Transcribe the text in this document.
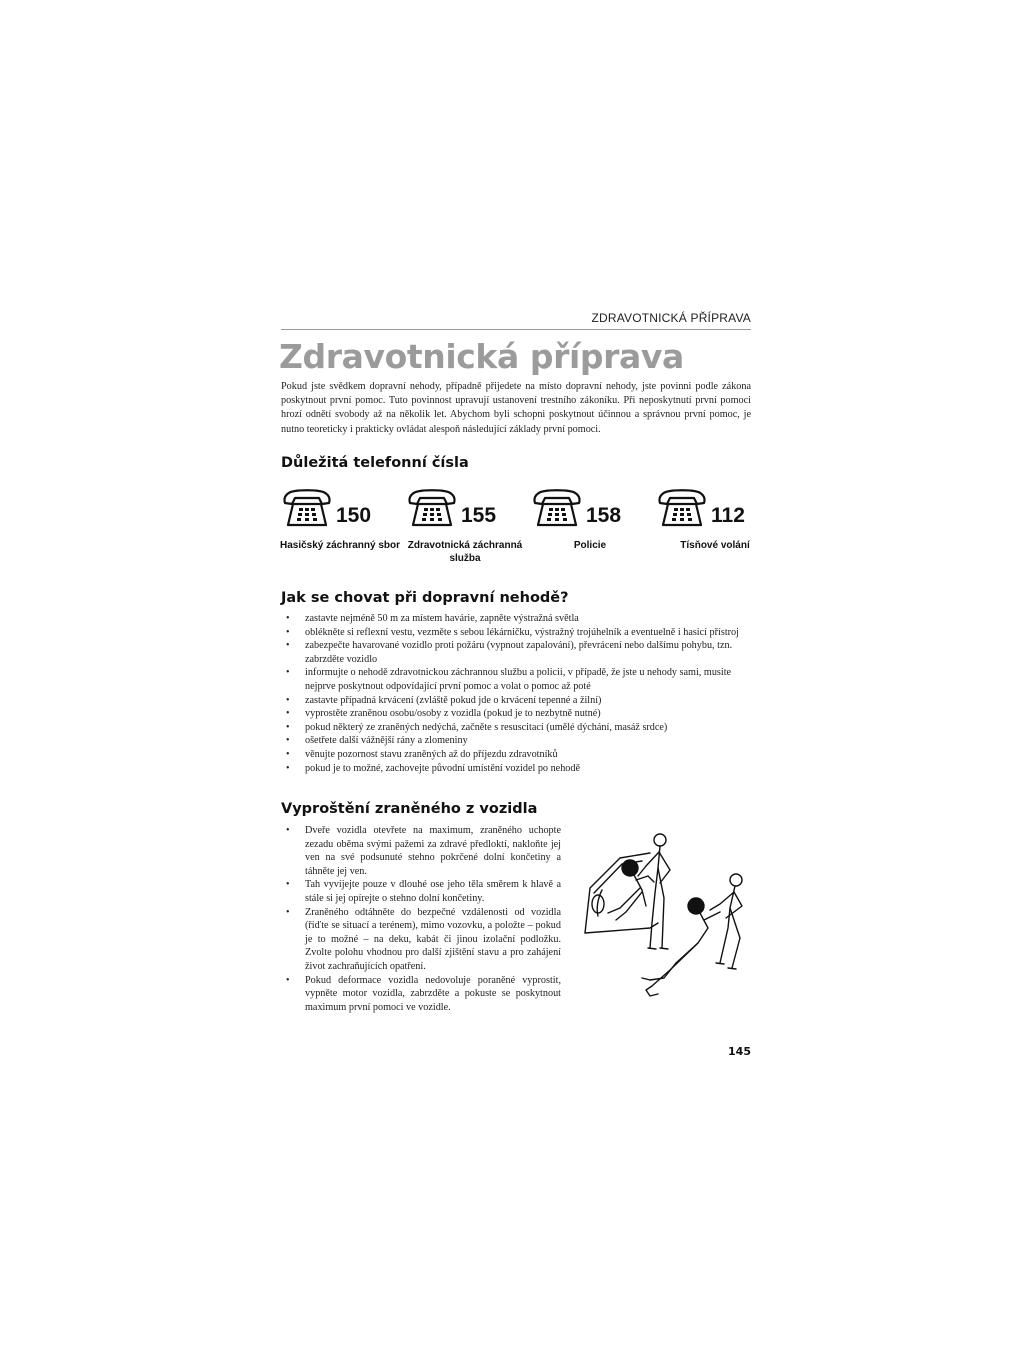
ZDRAVOTNICKÁ PŘÍPRAVA
Zdravotnická příprava

Pokud jste svědkem dopravní nehody, případně přijedete na místo dopravní nehody, jste povinni podle zákona poskytnout první pomoc. Tuto povinnost upravují ustanovení trestního zákoníku. Při neposkytnutí první pomoci hrozí odnětí svobody až na několik let. Abychom byli schopni poskytnout účinnou a správnou první pomoc, je nutno teoreticky i prakticky ovládat alespoň následující základy první pomoci.

Důležitá telefonní čísla
150
Hasičský záchranný sbor
155
Zdravotnická záchranná služba
158
Policie
112
Tísňové volání
Jak se chovat při dopravní nehodě?
• zastavte nejméně 50 m za místem havárie, zapněte výstražná světla
• oblékněte si reflexní vestu, vezměte s sebou lékárničku, výstražný trojúhelník a eventuelně i hasicí přístroj
• zabezpečte havarované vozidlo proti požáru (vypnout zapalování), převrácení nebo dalšímu pohybu, tzn. zabrzděte vozidlo
• informujte o nehodě zdravotnickou záchrannou službu a policii, v případě, že jste u nehody sami, musíte nejprve poskytnout odpovídající první pomoc a volat o pomoc až poté
• zastavte případná krvácení (zvláště pokud jde o krvácení tepenné a žilní)
• vyprostěte zraněnou osobu/osoby z vozidla (pokud je to nezbytně nutné)
• pokud některý ze zraněných nedýchá, začněte s resuscitací (umělé dýchání, masáž srdce)
• ošetřete další vážnější rány a zlomeniny
• věnujte pozornost stavu zraněných až do příjezdu zdravotníků
• pokud je to možné, zachovejte původní umístění vozidel po nehodě
Vyproštění zraněného z vozidla
• Dveře vozidla otevřete na maximum, zraněného uchopte zezadu oběma svými pažemi za zdravé předloktí, nakloňte jej ven na své podsunuté stehno pokrčené dolní končetiny a táhněte jej ven.
• Tah vyvíjejte pouze v dlouhé ose jeho těla směrem k hlavě a stále si jej opírejte o stehno dolní končetiny.
• Zraněného odtáhněte do bezpečné vzdálenosti od vozidla (řiďte se situací a terénem), mimo vozovku, a položte – pokud je to možné – na deku, kabát či jinou izolační podložku. Zvolte polohu vhodnou pro další zjištění stavu a pro zahájení život zachraňujících opatření.
• Pokud deformace vozidla nedovoluje poraněné vyprostit, vypněte motor vozidla, zabrzděte a pokuste se poskytnout maximum první pomoci ve vozidle.
145
